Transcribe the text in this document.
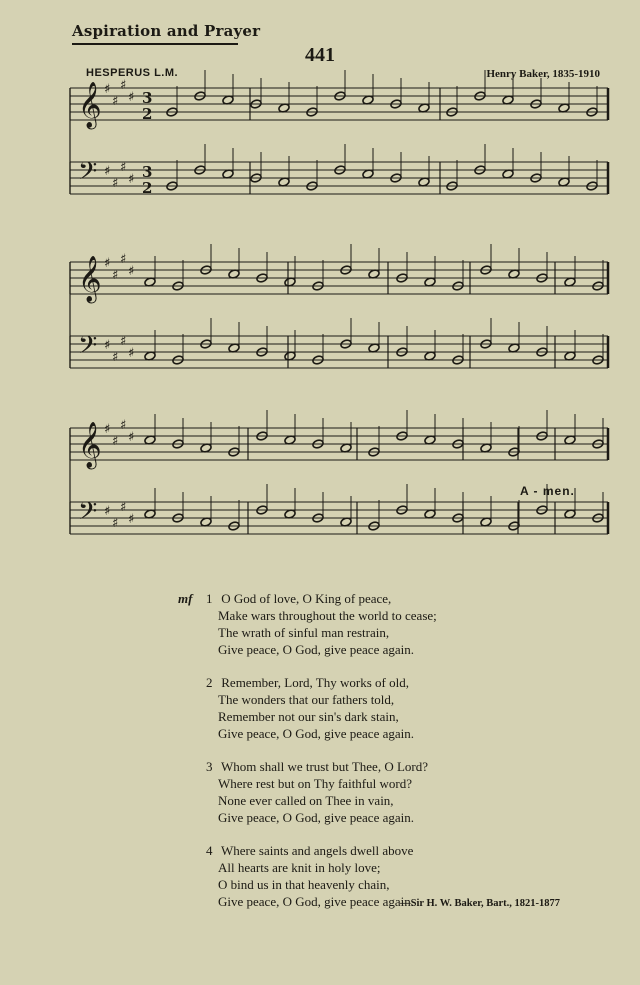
Aspiration and Prayer
441
HESPERUS L.M.	Henry Baker, 1835-1910
𝄞 ♯
♯
♯
♯ 3
2
𝄢 ♯
♯
♯
♯ 3
2
𝄞 ♯
♯
♯
♯
𝄢 ♯
♯
♯
♯
𝄞 ♯
♯
♯
♯
𝄢 ♯
♯
♯
♯
A - men.
mf 1 O God of love, O King of peace,
Make wars throughout the world to cease;
The wrath of sinful man restrain,
Give peace, O God, give peace again.
2 Remember, Lord, Thy works of old,
The wonders that our fathers told,
Remember not our sin's dark stain,
Give peace, O God, give peace again.
3 Whom shall we trust but Thee, O Lord?
Where rest but on Thy faithful word?
None ever called on Thee in vain,
Give peace, O God, give peace again.
4 Where saints and angels dwell above
All hearts are knit in holy love;
O bind us in that heavenly chain,
Give peace, O God, give peace again.
—Sir H. W. Baker, Bart., 1821-1877
